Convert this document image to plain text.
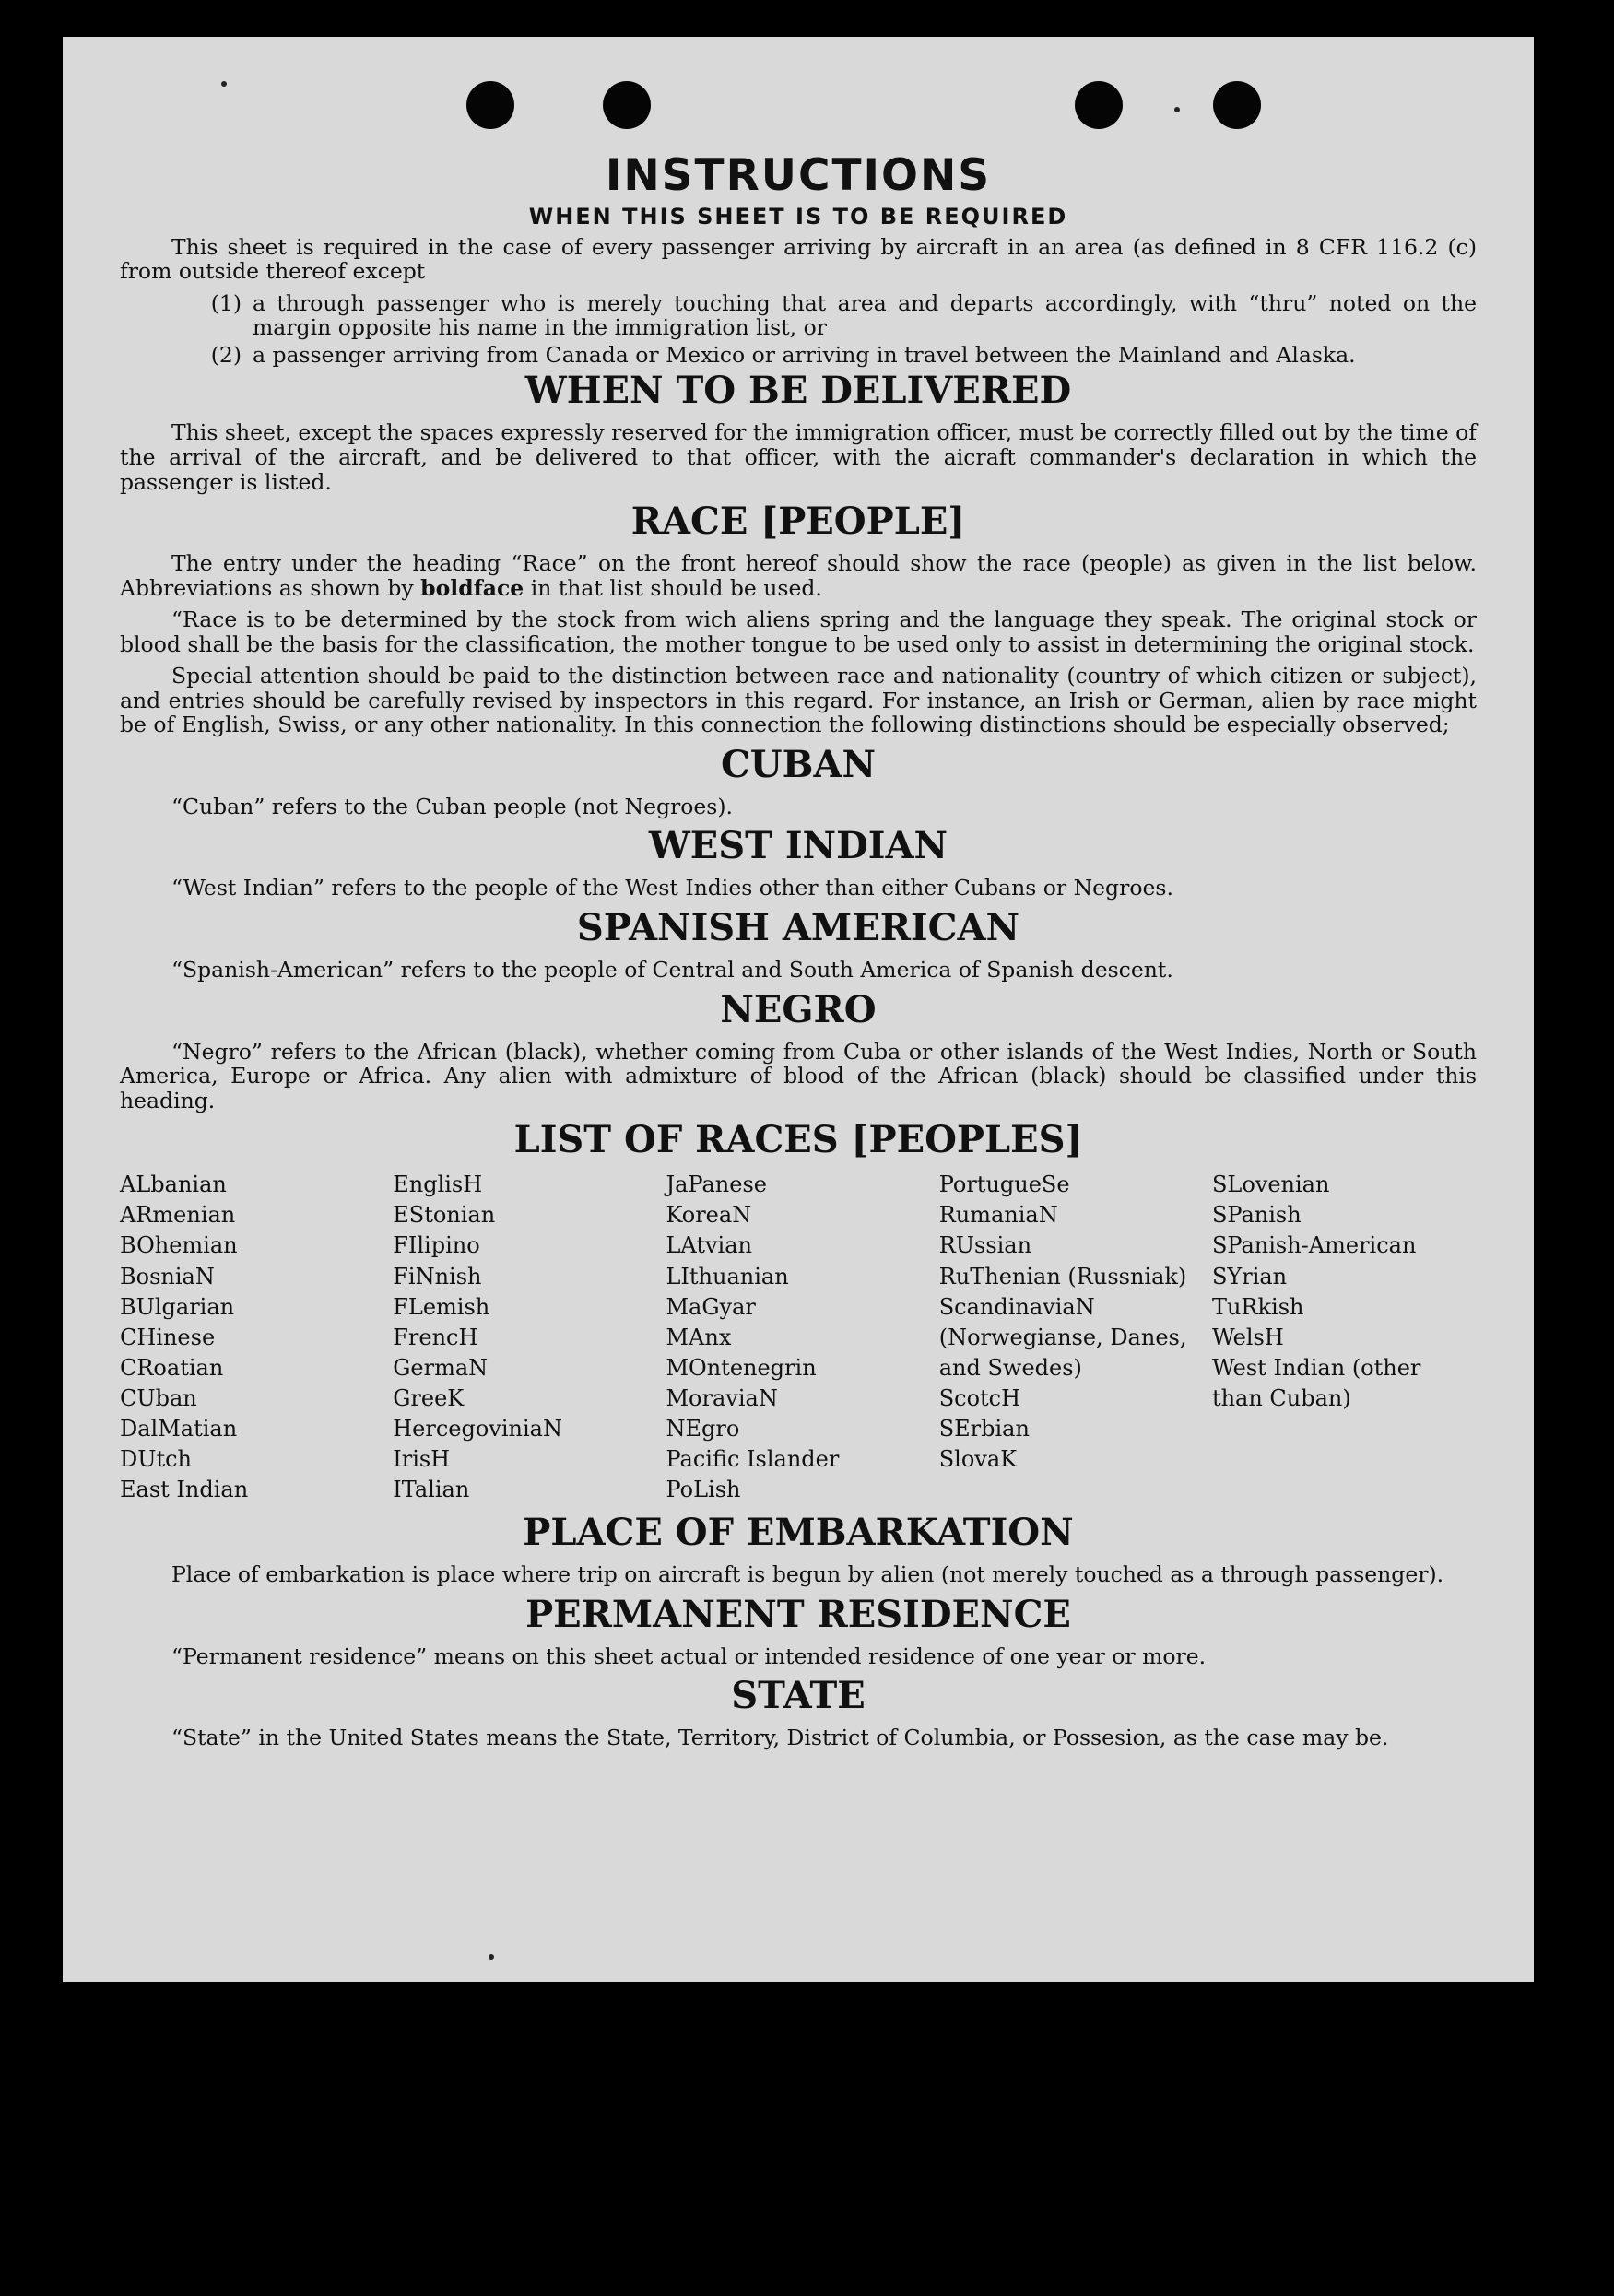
INSTRUCTIONS
WHEN THIS SHEET IS TO BE REQUIRED

This sheet is required in the case of every passenger arriving by aircraft in an area (as defined in 8 CFR 116.2 (c) from outside thereof except

(1) a through passenger who is merely touching that area and departs accordingly, with “thru” noted on the margin opposite his name in the immigration list, or
(2) a passenger arriving from Canada or Mexico or arriving in travel between the Mainland and Alaska.
WHEN TO BE DELIVERED

This sheet, except the spaces expressly reserved for the immigration officer, must be correctly filled out by the time of the arrival of the aircraft, and be delivered to that officer, with the aicraft commander's declaration in which the passenger is listed.

RACE [PEOPLE]

The entry under the heading “Race” on the front hereof should show the race (people) as given in the list below. Abbreviations as shown by boldface in that list should be used.

“Race is to be determined by the stock from wich aliens spring and the language they speak. The original stock or blood shall be the basis for the classification, the mother tongue to be used only to assist in determining the original stock.

Special attention should be paid to the distinction between race and nationality (country of which citizen or subject), and entries should be carefully revised by inspectors in this regard. For instance, an Irish or German, alien by race might be of English, Swiss, or any other nationality. In this connection the following distinctions should be especially observed;

CUBAN

“Cuban” refers to the Cuban people (not Negroes).

WEST INDIAN

“West Indian” refers to the people of the West Indies other than either Cubans or Negroes.

SPANISH AMERICAN

“Spanish-American” refers to the people of Central and South America of Spanish descent.

NEGRO

“Negro” refers to the African (black), whether coming from Cuba or other islands of the West Indies, North or South America, Europe or Africa. Any alien with admixture of blood of the African (black) should be classified under this heading.

LIST OF RACES [PEOPLES]
ALbanian
ARmenian
BOhemian
BosniaN
BUlgarian
CHinese
CRoatian
CUban
DalMatian
DUtch
East Indian
EnglisH
EStonian
FIlipino
FiNnish
FLemish
FrencH
GermaN
GreeK
HercegoviniaN
IrisH
ITalian
JaPanese
KoreaN
LAtvian
LIthuanian
MaGyar
MAnx
MOntenegrin
MoraviaN
NEgro
Pacific Islander
PoLish
PortugueSe
RumaniaN
RUssian
RuThenian (Russniak)
ScandinaviaN (Norwegianse, Danes, and Swedes)
ScotcH
SErbian
SlovaK
SLovenian
SPanish
SPanish-American
SYrian
TuRkish
WelsH
West Indian (other than Cuban)
PLACE OF EMBARKATION

Place of embarkation is place where trip on aircraft is begun by alien (not merely touched as a through passenger).

PERMANENT RESIDENCE

“Permanent residence” means on this sheet actual or intended residence of one year or more.

STATE

“State” in the United States means the State, Territory, District of Columbia, or Possesion, as the case may be.
